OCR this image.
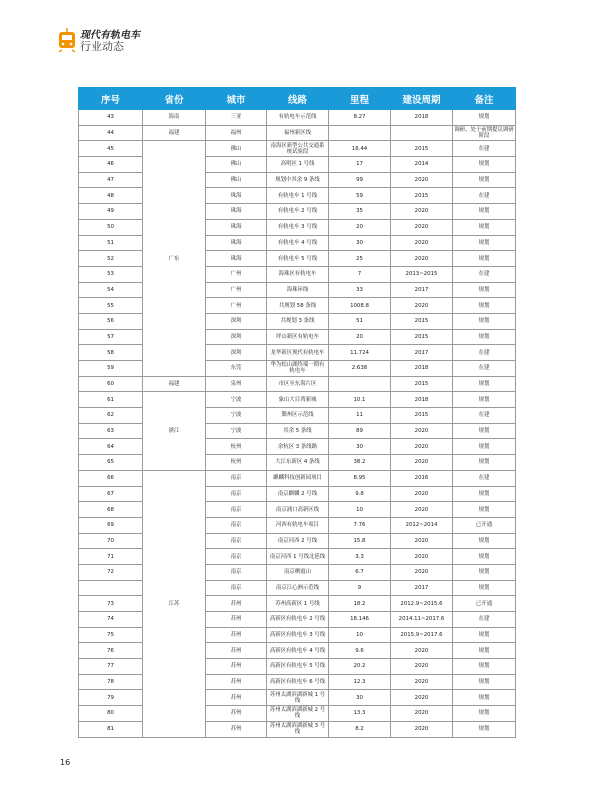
现代有轨电车
行业动态
序号	省份	城市	线路	里程	建设周期	备注
43	海南	三亚	有轨电车示范线	8.27	2018	规划
44	福建	福州	福州新区线			调研、处于前期提议调研阶段
45	广东	佛山	南海区新型公共交通系统试验段	16.44	2015	在建
46		佛山	高明区 1 号线	17	2014	规划
47		佛山	规划中其余 9 条线	99	2020	规划
48		珠海	有轨电车 1 号线	59	2015	在建
49		珠海	有轨电车 2 号线	35	2020	规划
50		珠海	有轨电车 3 号线	20	2020	规划
51		珠海	有轨电车 4 号线	30	2020	规划
52		珠海	有轨电车 5 号线	25	2020	规划
53		广州	海珠区有轨电车	7	2013~2015	在建
54		广州	海珠环线	33	2017	规划
55		广州	共规划 58 条线	1008.8	2020	规划
56		深圳	共规划 3 条线	51	2015	规划
57		深圳	坪山新区有轨电车	20	2015	规划
58		深圳	龙华新区现代有轨电车	11.724	2017	在建
59		东莞	华为松山湖终端一期有轨电车	2.638	2018	在建
60	福建	泉州	市区至东海片区		2015	规划
61	浙江	宁波	象山大目湾新城	10.1	2018	规划
62		宁波	鄞州区示范线	11	2015	在建
63		宁波	其余 5 条线	89	2020	规划
64		杭州	余杭区 3 条线路	30	2020	规划
65		杭州	大江东新区 4 条线	38.2	2020	规划
66	江苏	南京	麒麟科技创新园项目	8.95	2016	在建
67		南京	南京麒麟 2 号线	9.8	2020	规划
68		南京	南京浦口高新区线	10	2020	规划
69		南京	河西有轨电车项目	7.76	2012~2014	已开通
70		南京	南京河西 2 号线	15.8	2020	规划
71		南京	南京河西 1 号线北延线	3.3	2020	规划
72		南京	南京栖霞山	6.7	2020	规划
		南京	南京江心洲示范线	9	2017	规划
73		苏州	苏州高新区 1 号线	18.2	2012.9~2015.6	已开通
74		苏州	高新区有轨电车 2 号线	18.146	2014.11~2017.6	在建
75		苏州	高新区有轨电车 3 号线	10	2015.9~2017.6	规划
76		苏州	高新区有轨电车 4 号线	9.6	2020	规划
77		苏州	高新区有轨电车 5 号线	20.2	2020	规划
78		苏州	高新区有轨电车 6 号线	12.3	2020	规划
79		苏州	苏州太湖滨湖新城 1 号线	30	2020	规划
80		苏州	苏州太湖滨湖新城 2 号线	13.3	2020	规划
81		苏州	苏州太湖滨湖新城 3 号线	8.2	2020	规划
16
